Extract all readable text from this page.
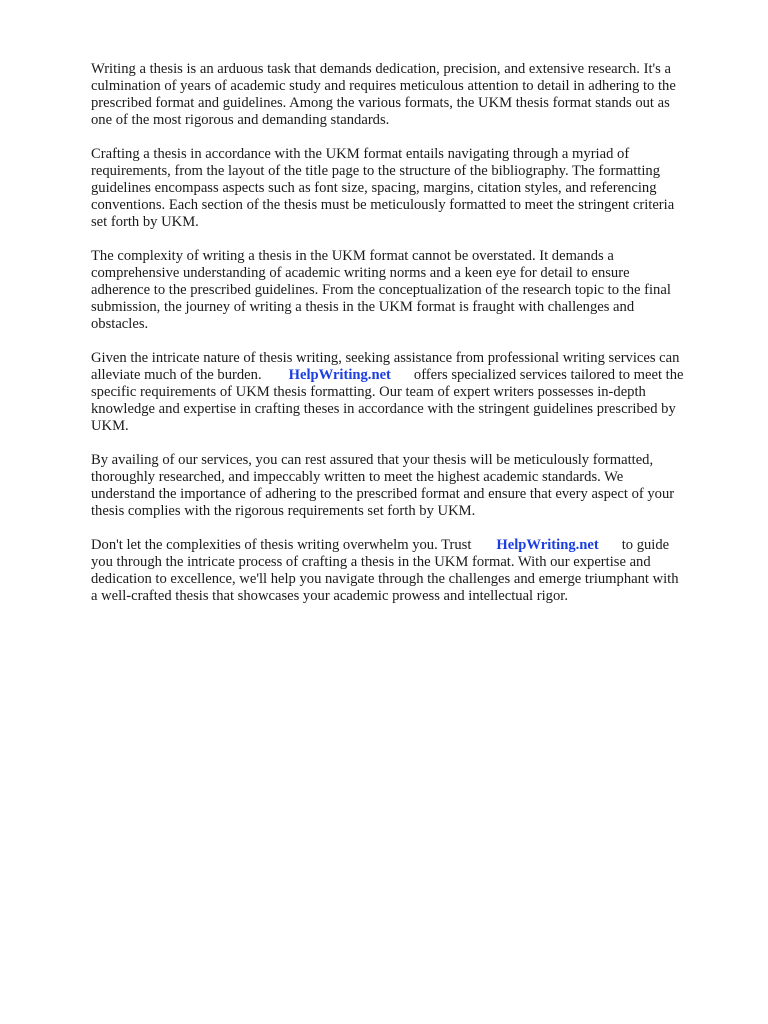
Writing a thesis is an arduous task that demands dedication, precision, and extensive research. It's a
culmination of years of academic study and requires meticulous attention to detail in adhering to the
prescribed format and guidelines. Among the various formats, the UKM thesis format stands out as
one of the most rigorous and demanding standards.

Crafting a thesis in accordance with the UKM format entails navigating through a myriad of
requirements, from the layout of the title page to the structure of the bibliography. The formatting
guidelines encompass aspects such as font size, spacing, margins, citation styles, and referencing
conventions. Each section of the thesis must be meticulously formatted to meet the stringent criteria
set forth by UKM.

The complexity of writing a thesis in the UKM format cannot be overstated. It demands a
comprehensive understanding of academic writing norms and a keen eye for detail to ensure
adherence to the prescribed guidelines. From the conceptualization of the research topic to the final
submission, the journey of writing a thesis in the UKM format is fraught with challenges and
obstacles.

Given the intricate nature of thesis writing, seeking assistance from professional writing services can
alleviate much of the burden. HelpWriting.net offers specialized services tailored to meet the
specific requirements of UKM thesis formatting. Our team of expert writers possesses in-depth
knowledge and expertise in crafting theses in accordance with the stringent guidelines prescribed by
UKM.

By availing of our services, you can rest assured that your thesis will be meticulously formatted,
thoroughly researched, and impeccably written to meet the highest academic standards. We
understand the importance of adhering to the prescribed format and ensure that every aspect of your
thesis complies with the rigorous requirements set forth by UKM.

Don't let the complexities of thesis writing overwhelm you. Trust HelpWriting.net to guide
you through the intricate process of crafting a thesis in the UKM format. With our expertise and
dedication to excellence, we'll help you navigate through the challenges and emerge triumphant with
a well-crafted thesis that showcases your academic prowess and intellectual rigor.
